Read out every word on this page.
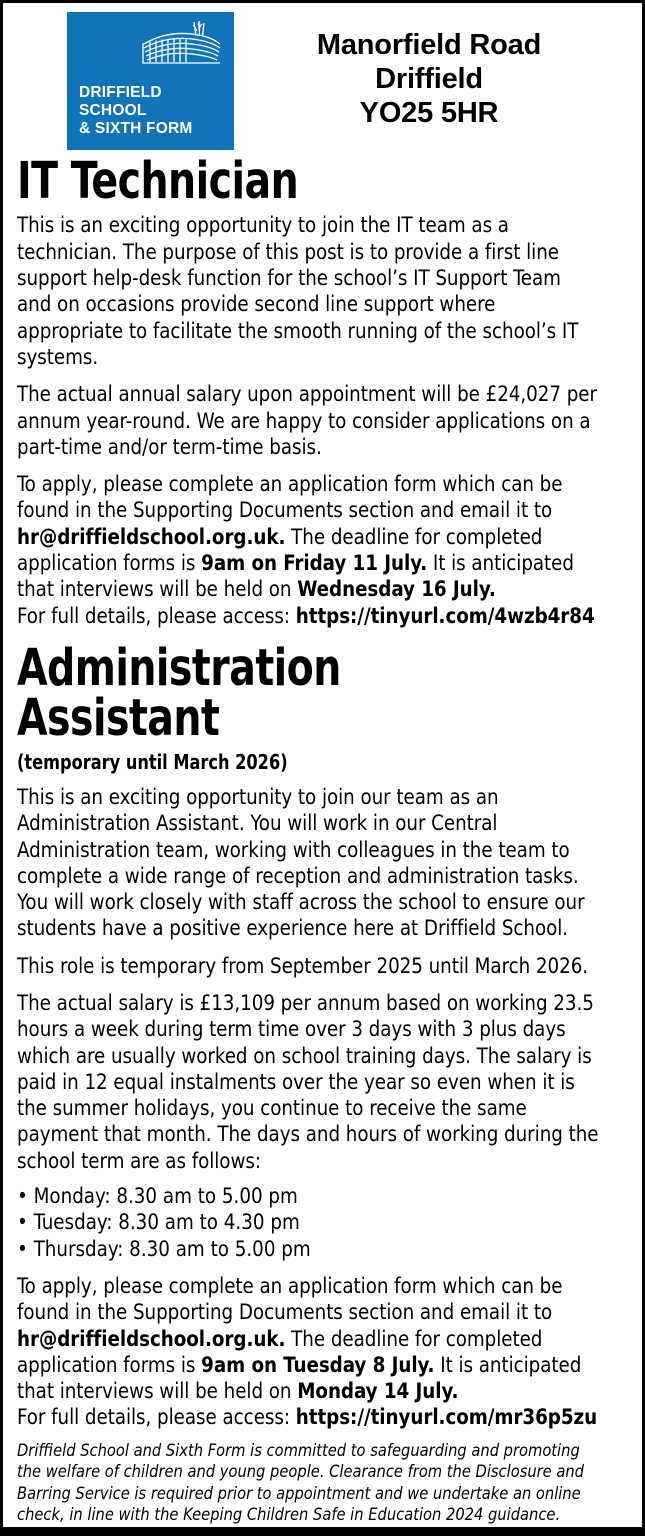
DRIFFIELD
SCHOOL
& SIXTH FORM
Manorfield Road
Driffield
YO25 5HR
IT Technician

This is an exciting opportunity to join the IT team as a technician. The purpose of this post is to provide a first line support help-desk function for the school’s IT Support Team and on occasions provide second line support where appropriate to facilitate the smooth running of the school’s IT systems.

The actual annual salary upon appointment will be £24,027 per annum year-round. We are happy to consider applications on a part-time and/or term-time basis.

To apply, please complete an application form which can be found in the Supporting Documents section and email it to hr@driffieldschool.org.uk. The deadline for completed application forms is 9am on Friday 11 July. It is anticipated that interviews will be held on Wednesday 16 July.
For full details, please access: https://tinyurl.com/4wzb4r84

Administration
Assistant
(temporary until March 2026)

This is an exciting opportunity to join our team as an Administration Assistant. You will work in our Central Administration team, working with colleagues in the team to complete a wide range of reception and administration tasks. You will work closely with staff across the school to ensure our students have a positive experience here at Driffield School.

This role is temporary from September 2025 until March 2026.

The actual salary is £13,109 per annum based on working 23.5 hours a week during term time over 3 days with 3 plus days which are usually worked on school training days. The salary is paid in 12 equal instalments over the year so even when it is the summer holidays, you continue to receive the same payment that month. The days and hours of working during the school term are as follows:

• Monday: 8.30 am to 5.00 pm
• Tuesday: 8.30 am to 4.30 pm
• Thursday: 8.30 am to 5.00 pm

To apply, please complete an application form which can be found in the Supporting Documents section and email it to hr@driffieldschool.org.uk. The deadline for completed application forms is 9am on Tuesday 8 July. It is anticipated that interviews will be held on Monday 14 July.
For full details, please access: https://tinyurl.com/mr36p5zu

Driffield School and Sixth Form is committed to safeguarding and promoting the welfare of children and young people. Clearance from the Disclosure and Barring Service is required prior to appointment and we undertake an online check, in line with the Keeping Children Safe in Education 2024 guidance.
